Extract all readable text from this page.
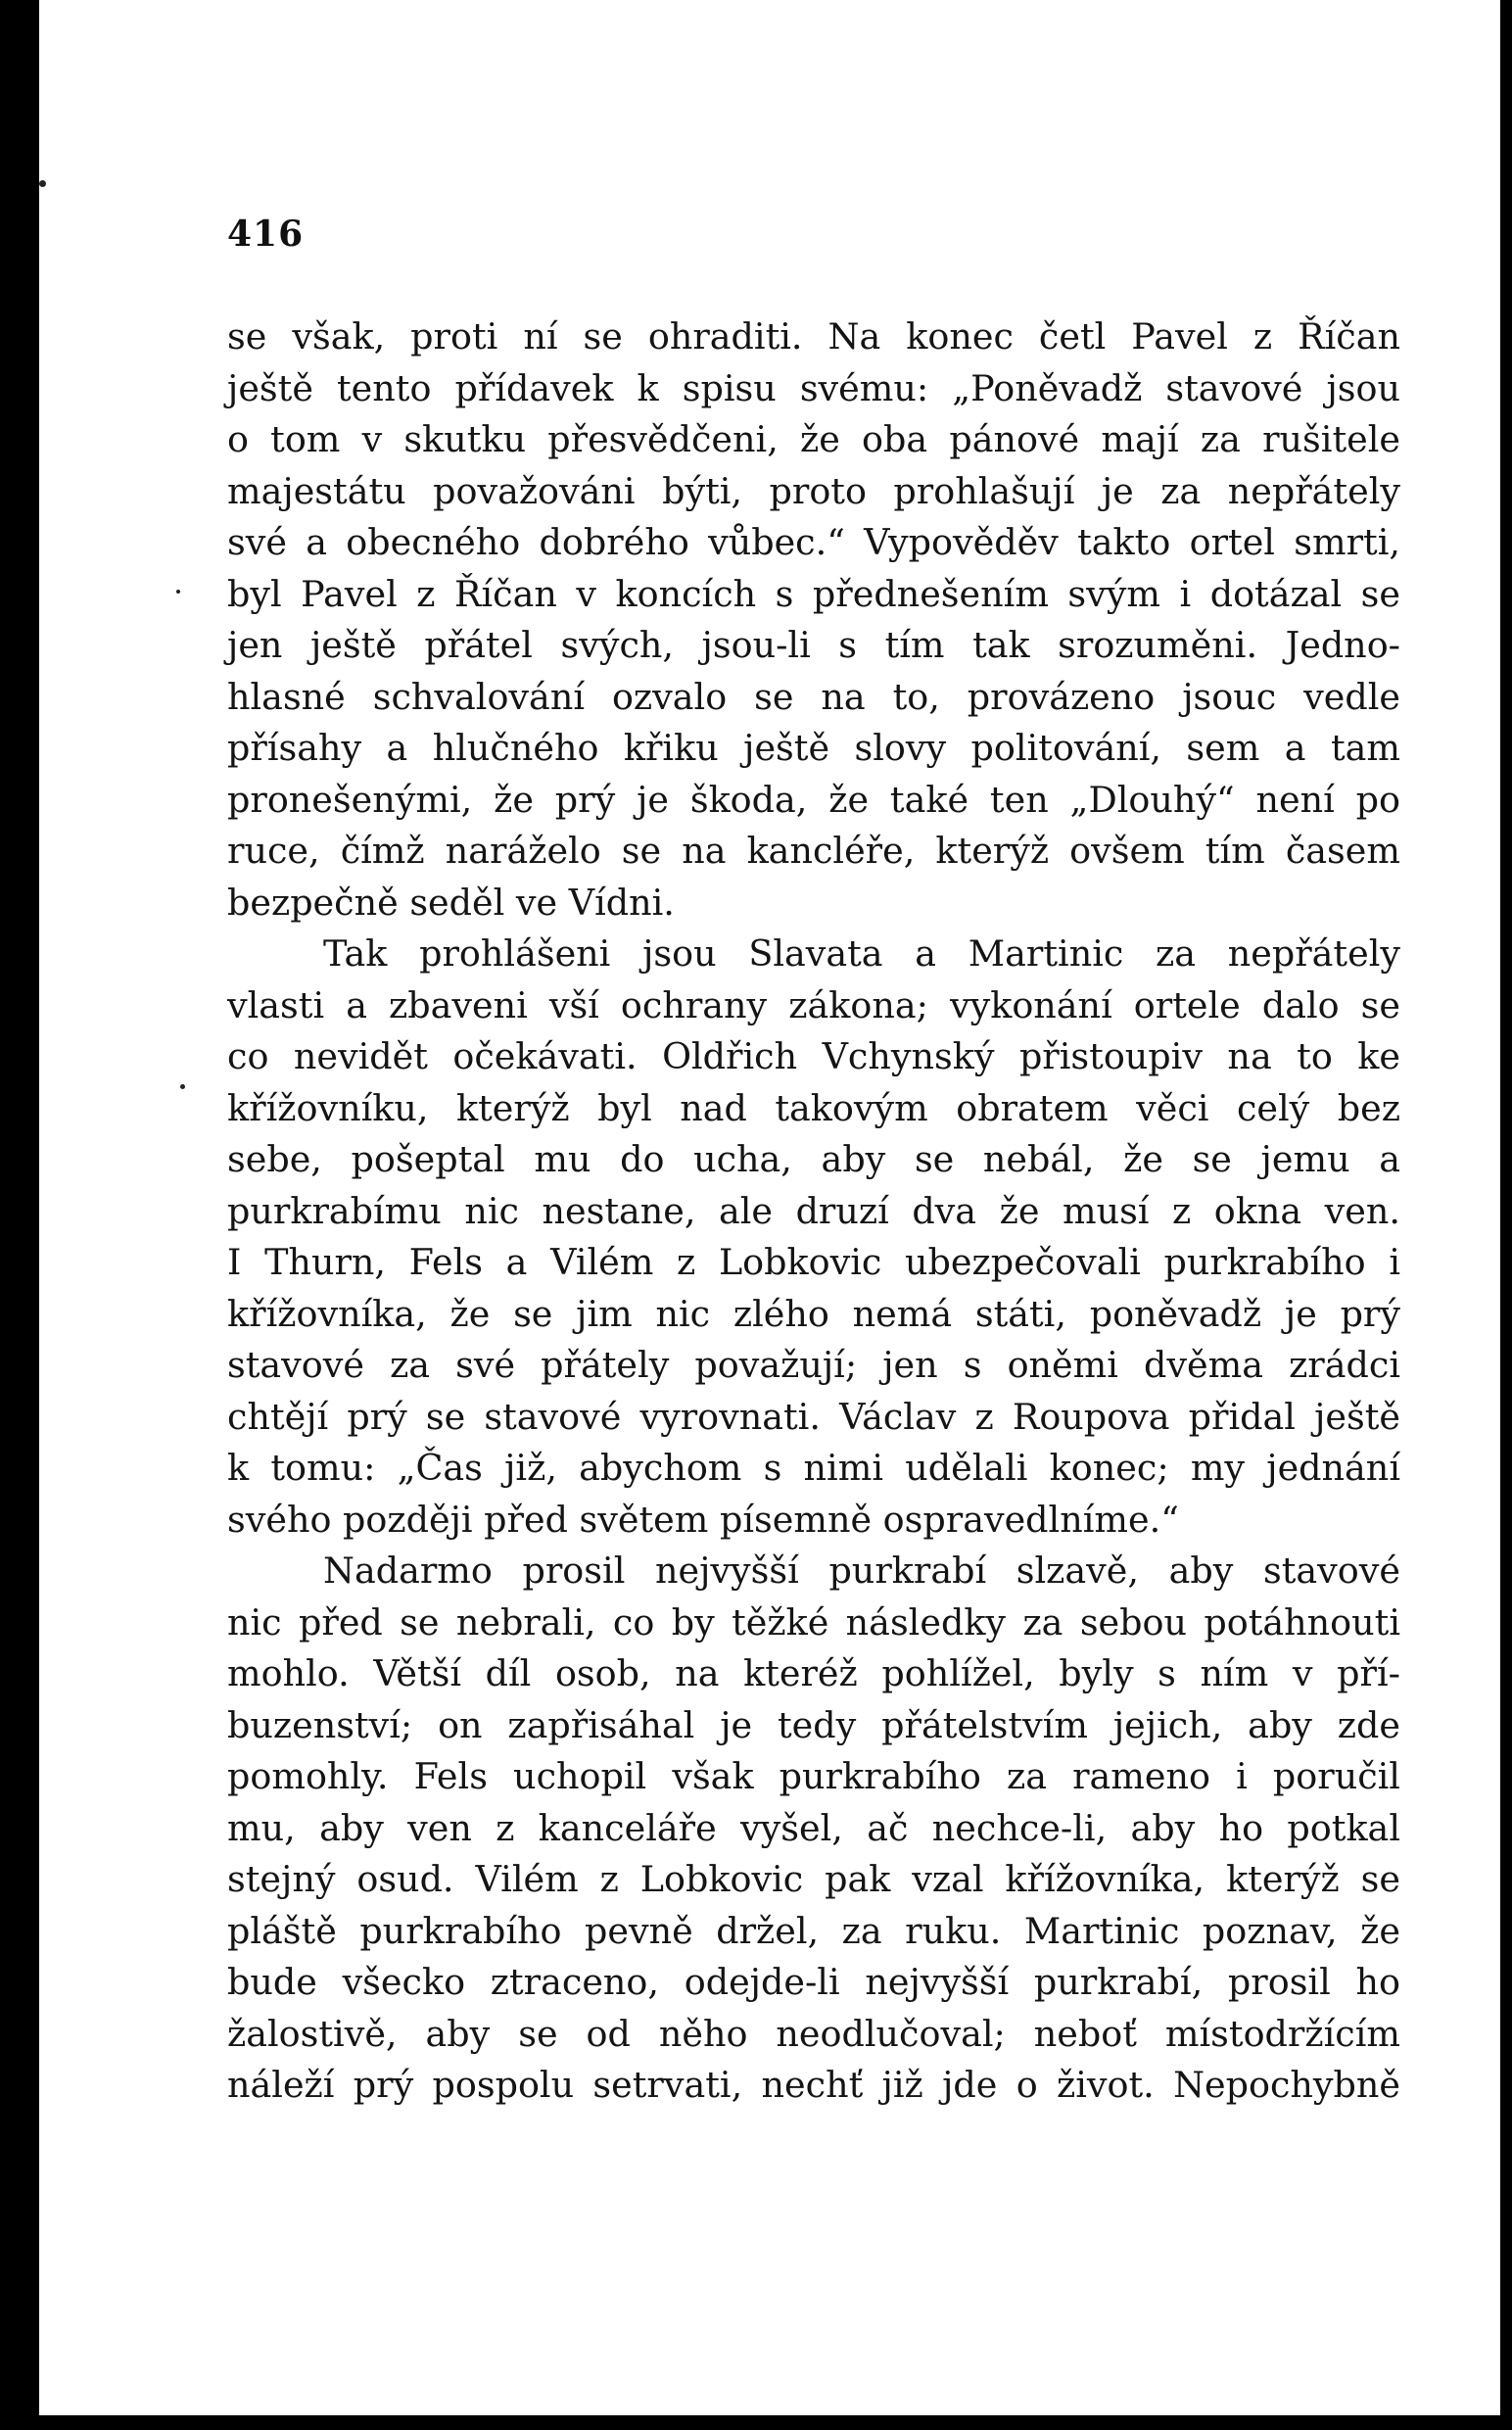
416
se však, proti ní se ohraditi. Na konec četl Pavel z Říčan
ještě tento přídavek k spisu svému: „Poněvadž stavové jsou
o tom v skutku přesvědčeni, že oba pánové mají za rušitele
majestátu považováni býti, proto prohlašují je za nepřátely
své a obecného dobrého vůbec.“ Vypověděv takto ortel smrti,
byl Pavel z Říčan v koncích s přednešením svým i dotázal se
jen ještě přátel svých, jsou-li s tím tak srozuměni. Jedno-
hlasné schvalování ozvalo se na to, provázeno jsouc vedle
přísahy a hlučného křiku ještě slovy politování, sem a tam
pronešenými, že prý je škoda, že také ten „Dlouhý“ není po
ruce, čímž naráželo se na kancléře, kterýž ovšem tím časem
bezpečně seděl ve Vídni.
Tak prohlášeni jsou Slavata a Martinic za nepřátely
vlasti a zbaveni vší ochrany zákona; vykonání ortele dalo se
co nevidět očekávati. Oldřich Vchynský přistoupiv na to ke
křížovníku, kterýž byl nad takovým obratem věci celý bez
sebe, pošeptal mu do ucha, aby se nebál, že se jemu a
purkrabímu nic nestane, ale druzí dva že musí z okna ven.
I Thurn, Fels a Vilém z Lobkovic ubezpečovali purkrabího i
křížovníka, že se jim nic zlého nemá státi, poněvadž je prý
stavové za své přátely považují; jen s oněmi dvěma zrádci
chtějí prý se stavové vyrovnati. Václav z Roupova přidal ještě
k tomu: „Čas již, abychom s nimi udělali konec; my jednání
svého později před světem písemně ospravedlníme.“
Nadarmo prosil nejvyšší purkrabí slzavě, aby stavové
nic před se nebrali, co by těžké následky za sebou potáhnouti
mohlo. Větší díl osob, na kteréž pohlížel, byly s ním v pří-
buzenství; on zapřisáhal je tedy přátelstvím jejich, aby zde
pomohly. Fels uchopil však purkrabího za rameno i poručil
mu, aby ven z kanceláře vyšel, ač nechce-li, aby ho potkal
stejný osud. Vilém z Lobkovic pak vzal křížovníka, kterýž se
pláště purkrabího pevně držel, za ruku. Martinic poznav, že
bude všecko ztraceno, odejde-li nejvyšší purkrabí, prosil ho
žalostivě, aby se od něho neodlučoval; neboť místodržícím
náleží prý pospolu setrvati, nechť již jde o život. Nepochybně
